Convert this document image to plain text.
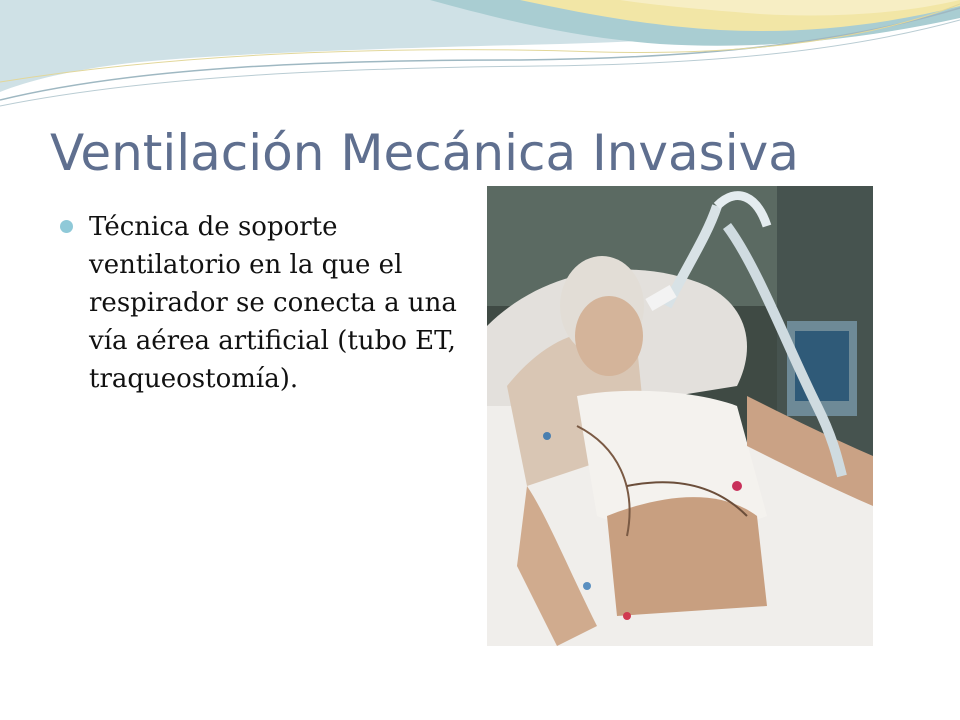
Ventilación Mecánica Invasiva
Técnica de soporte ventilatorio en la que el respirador se conecta a una vía aérea artificial (tubo ET, traqueostomía).
